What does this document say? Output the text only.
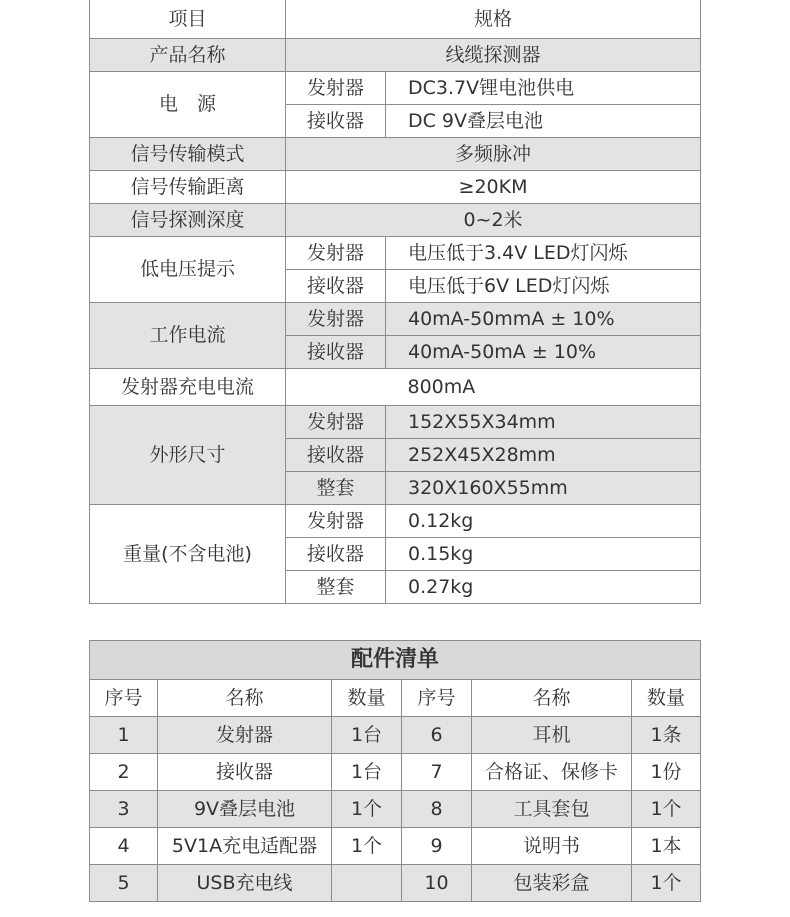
项目	规格	
产品名称	线缆探测器	
电　源	发射器	DC3.7V锂电池供电
	接收器	DC 9V叠层电池
信号传输模式	多频脉冲	
信号传输距离	≥20KM	
信号探测深度	0~2米	
低电压提示	发射器	电压低于3.4V LED灯闪烁
	接收器	电压低于6V LED灯闪烁
工作电流	发射器	40mA-50mmA ± 10%
	接收器	40mA-50mA ± 10%
发射器充电电流		800mA
外形尺寸	发射器	152X55X34mm
	接收器	252X45X28mm
	整套	320X160X55mm
重量(不含电池)	发射器	0.12kg
	接收器	0.15kg
	整套	0.27kg
配件清单					
序号	名称	数量	序号	名称	数量
1	发射器	1台	6	耳机	1条
2	接收器	1台	7	合格证、保修卡	1份
3	9V叠层电池	1个	8	工具套包	1个
4	5V1A充电适配器	1个	9	说明书	1本
5	USB充电线		10	包装彩盒	1个
